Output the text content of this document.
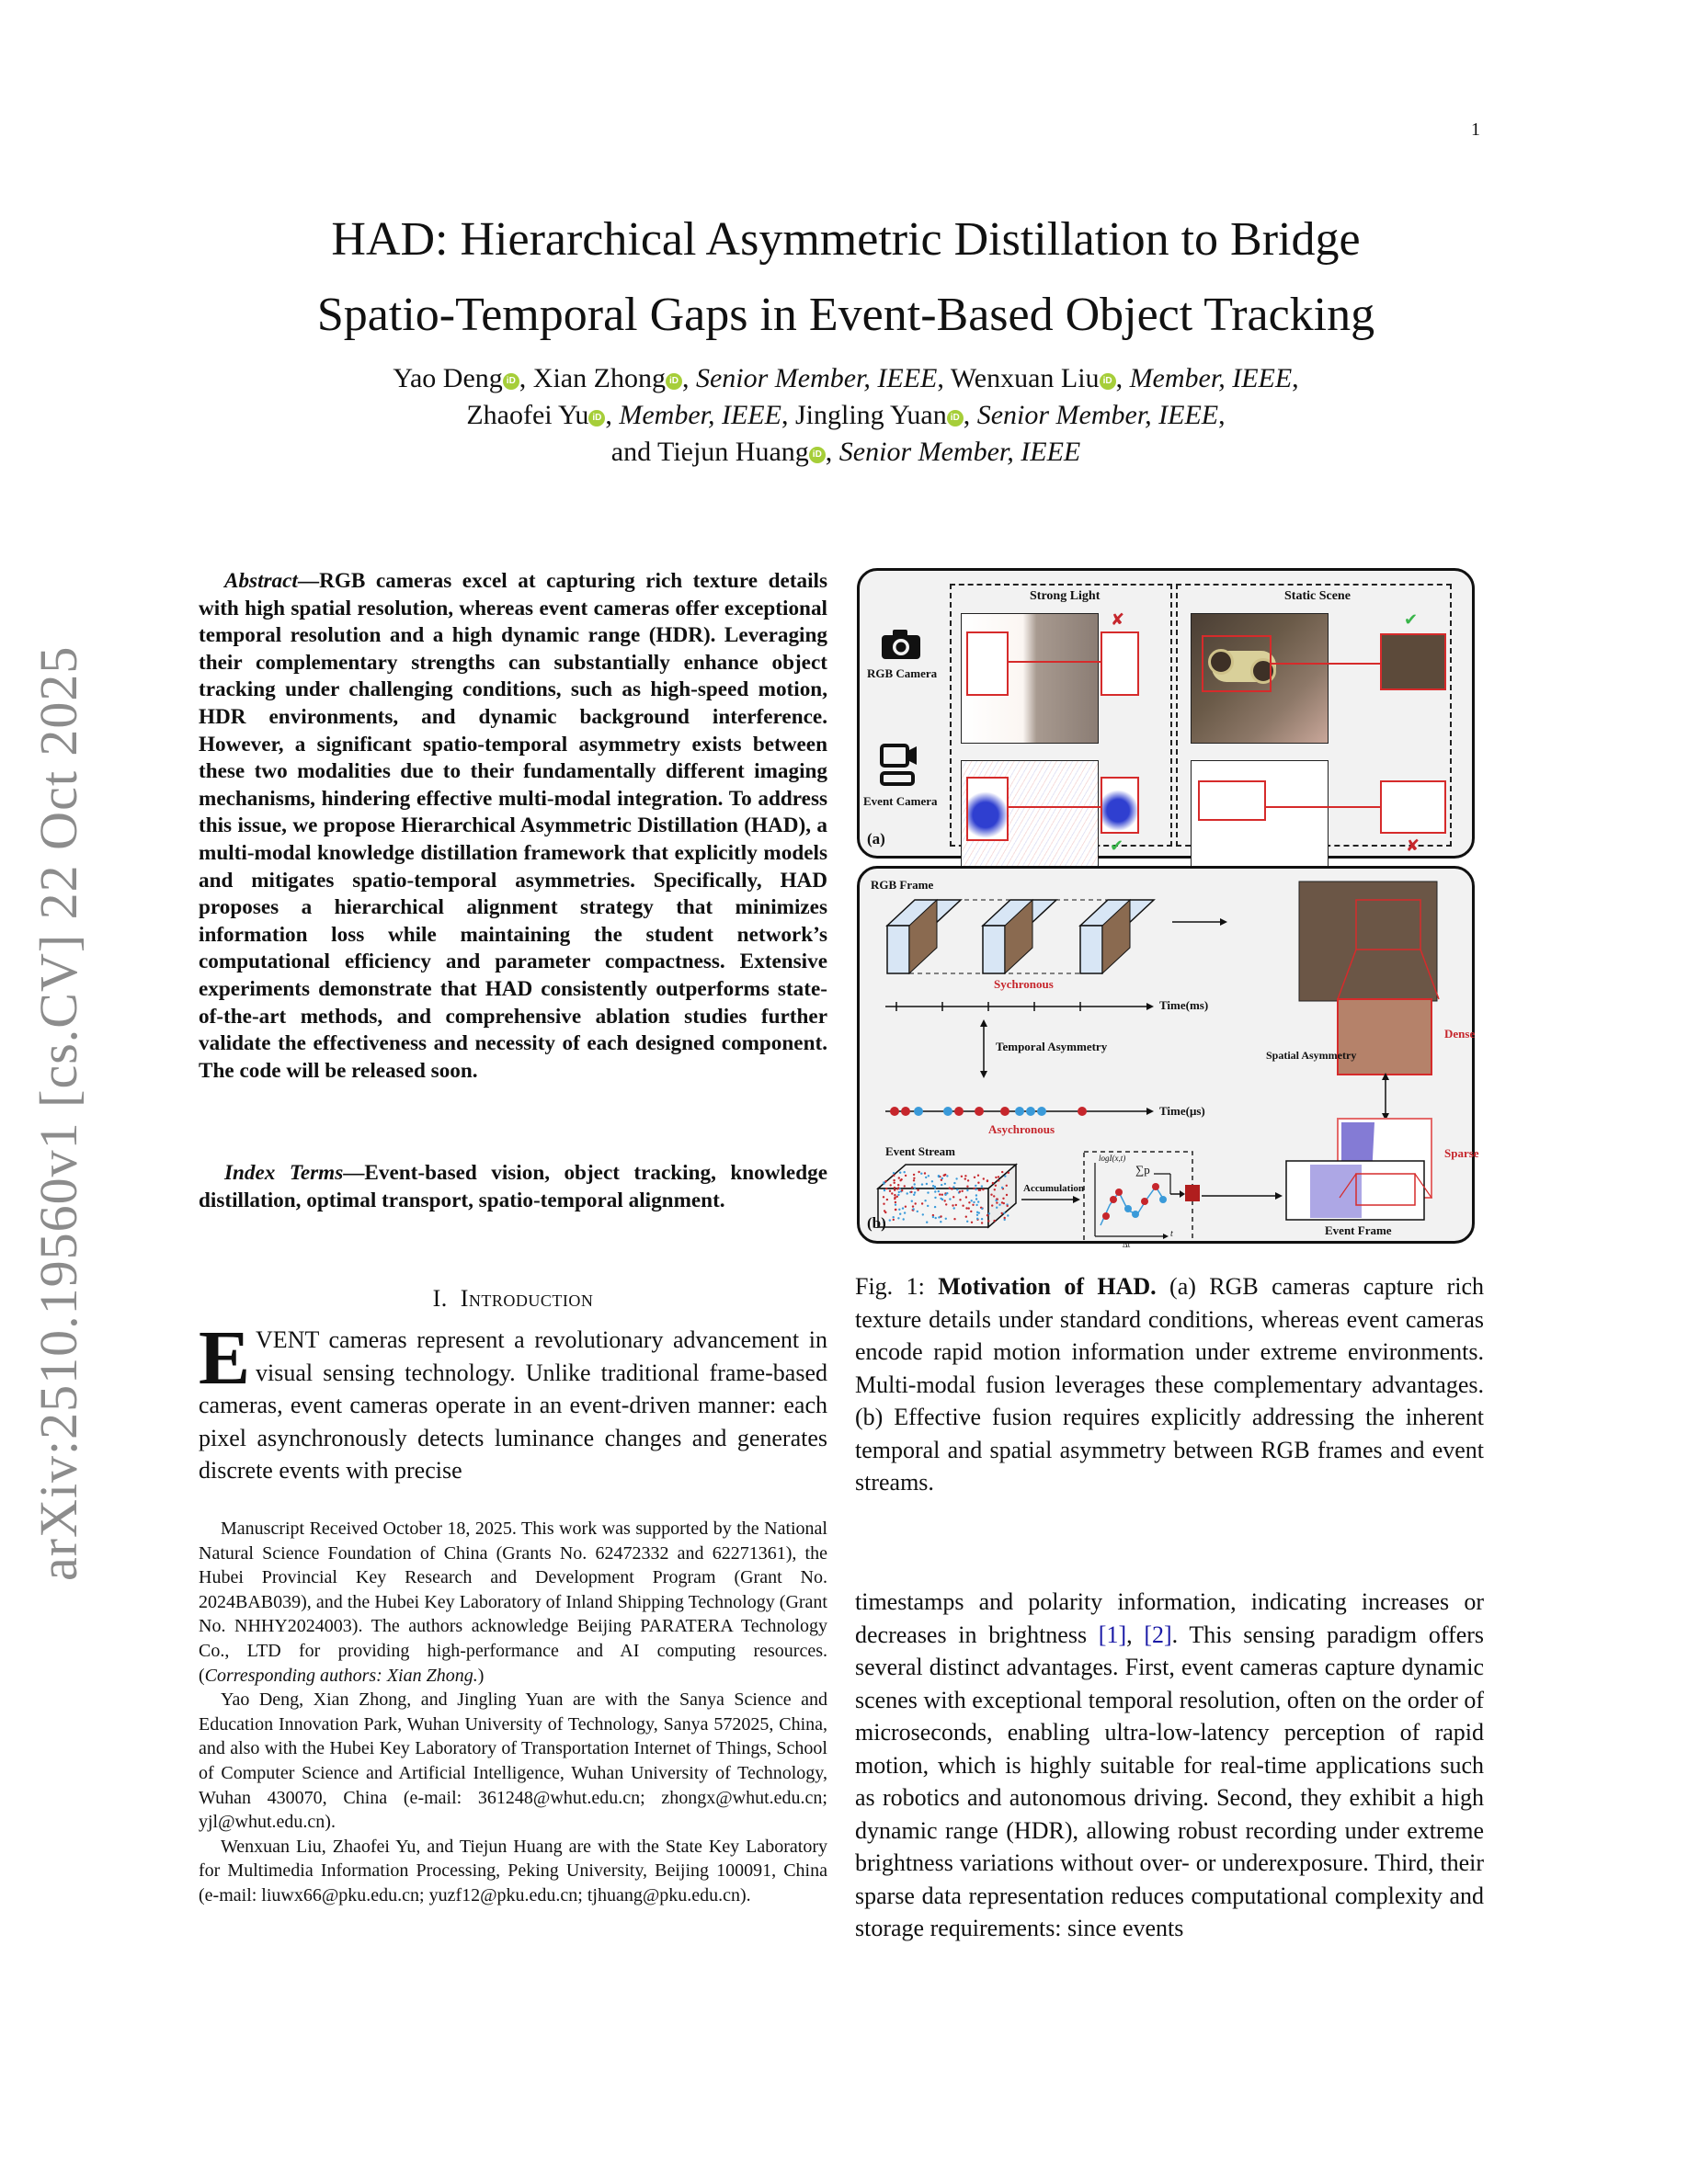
1
arXiv:2510.19560v1 [cs.CV] 22 Oct 2025
HAD: Hierarchical Asymmetric Distillation to Bridge
Spatio-Temporal Gaps in Event-Based Object Tracking
Yao Deng iD , Xian Zhong iD , Senior Member, IEEE, Wenxuan Liu iD , Member, IEEE,
Zhaofei Yu iD , Member, IEEE, Jingling Yuan iD , Senior Member, IEEE,
and Tiejun Huang iD , Senior Member, IEEE

Abstract—RGB cameras excel at capturing rich texture details with high spatial resolution, whereas event cameras offer exceptional temporal resolution and a high dynamic range (HDR). Leveraging their complementary strengths can substantially enhance object tracking under challenging conditions, such as high-speed motion, HDR environments, and dynamic background interference. However, a significant spatio-temporal asymmetry exists between these two modalities due to their fundamentally different imaging mechanisms, hindering effective multi-modal integration. To address this issue, we propose Hierarchical Asymmetric Distillation (HAD), a multi-modal knowledge distillation framework that explicitly models and mitigates spatio-temporal asymmetries. Specifically, HAD proposes a hierarchical alignment strategy that minimizes information loss while maintaining the student network’s computational efficiency and parameter compactness. Extensive experiments demonstrate that HAD consistently outperforms state-of-the-art methods, and comprehensive ablation studies further validate the effectiveness and necessity of each designed component. The code will be released soon.

Index Terms—Event-based vision, object tracking, knowledge distillation, optimal transport, spatio-temporal alignment.

I. Introduction

EVENT cameras represent a revolutionary advancement in visual sensing technology. Unlike traditional frame-based cameras, event cameras operate in an event-driven manner: each pixel asynchronously detects luminance changes and generates discrete events with precise

Manuscript Received October 18, 2025. This work was supported by the National Natural Science Foundation of China (Grants No. 62472332 and 62271361), the Hubei Provincial Key Research and Development Program (Grant No. 2024BAB039), and the Hubei Key Laboratory of Inland Shipping Technology (Grant No. NHHY2024003). The authors acknowledge Beijing PARATERA Technology Co., LTD for providing high-performance and AI computing resources. (Corresponding authors: Xian Zhong.)

Yao Deng, Xian Zhong, and Jingling Yuan are with the Sanya Science and Education Innovation Park, Wuhan University of Technology, Sanya 572025, China, and also with the Hubei Key Laboratory of Transportation Internet of Things, School of Computer Science and Artificial Intelligence, Wuhan University of Technology, Wuhan 430070, China (e-mail: 361248@whut.edu.cn; zhongx@whut.edu.cn; yjl@whut.edu.cn).

Wenxuan Liu, Zhaofei Yu, and Tiejun Huang are with the State Key Laboratory for Multimedia Information Processing, Peking University, Beijing 100091, China (e-mail: liuwx66@pku.edu.cn; yuzf12@pku.edu.cn; tjhuang@pku.edu.cn).

RGB Camera
Event Camera
(a)
Strong Light	Static Scene
✘
✔
✔
✘
RGB Frame
Sychronous
Time(ms)
Temporal Asymmetry
Time(μs)
Asychronous
Event Stream
Accumulation
logI(x,t)
∑p
t
Δt
Spatial Asymmetry
Dense
Sparse
Event Frame
(b)

Fig. 1: Motivation of HAD. (a) RGB cameras capture rich texture details under standard conditions, whereas event cameras encode rapid motion information under extreme environments. Multi-modal fusion leverages these complementary advantages. (b) Effective fusion requires explicitly addressing the inherent temporal and spatial asymmetry between RGB frames and event streams.

timestamps and polarity information, indicating increases or decreases in brightness [1], [2]. This sensing paradigm offers several distinct advantages. First, event cameras capture dynamic scenes with exceptional temporal resolution, often on the order of microseconds, enabling ultra-low-latency perception of rapid motion, which is highly suitable for real-time applications such as robotics and autonomous driving. Second, they exhibit a high dynamic range (HDR), allowing robust recording under extreme brightness variations without over- or underexposure. Third, their sparse data representation reduces computational complexity and storage requirements: since events
